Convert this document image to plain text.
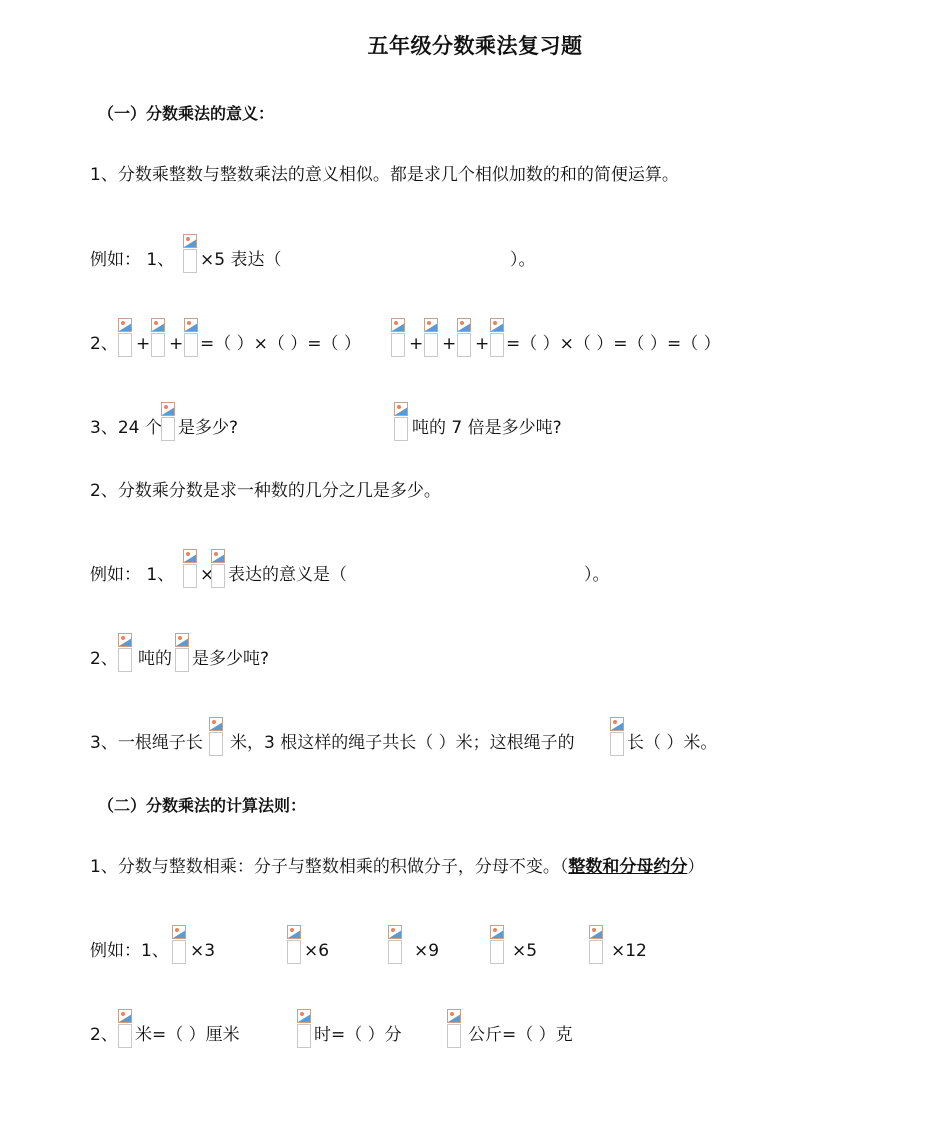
五年级分数乘法复习题
（一）分数乘法的意义：
1、分数乘整数与整数乘法的意义相似。都是求几个相似加数的和的简便运算。
例如： 1、 ×5 表达（	）。
2、 + + =（ ）×（ ）=（ ）	+ + + =（ ）×（ ）=（ ）=（ ）
3、24 个 是多少?	吨的 7 倍是多少吨?
2、分数乘分数是求一种数的几分之几是多少。
例如： 1、 × 表达的意义是（	）。
2、 吨的 是多少吨?
3、一根绳子长 米，3 根这样的绳子共长（ ）米；这根绳子的	长（ ）米。
（二）分数乘法的计算法则：
1、分数与整数相乘：分子与整数相乘的积做分子，分母不变。（整数和分母约分）
例如：1、 ×3	×6	×9	×5	×12
2、 米=（ ）厘米	时=（ ）分	公斤=（ ）克
